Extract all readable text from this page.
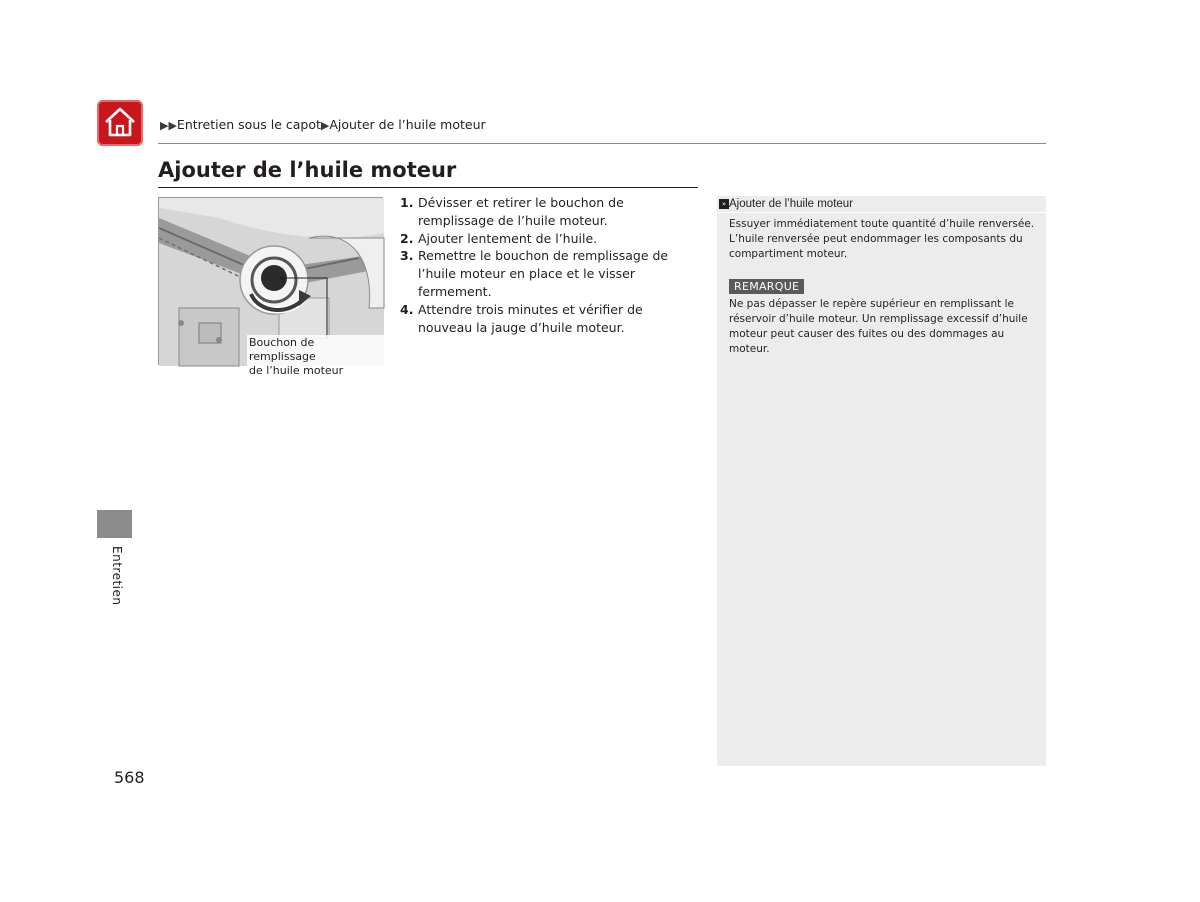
▶▶Entretien sous le capot▶Ajouter de l’huile moteur
Ajouter de l’huile moteur
Bouchon de remplissage
de l’huile moteur
1. Dévisser et retirer le bouchon de remplissage de l’huile moteur.
2. Ajouter lentement de l’huile.
3. Remettre le bouchon de remplissage de l’huile moteur en place et le visser fermement.
4. Attendre trois minutes et vérifier de nouveau la jauge d’huile moteur.
» Ajouter de l’huile moteur

Essuyer immédiatement toute quantité d’huile renversée. L’huile renversée peut endommager les composants du compartiment moteur.

REMARQUE

Ne pas dépasser le repère supérieur en remplissant le réservoir d’huile moteur. Un remplissage excessif d’huile moteur peut causer des fuites ou des dommages au moteur.

Entretien
568
